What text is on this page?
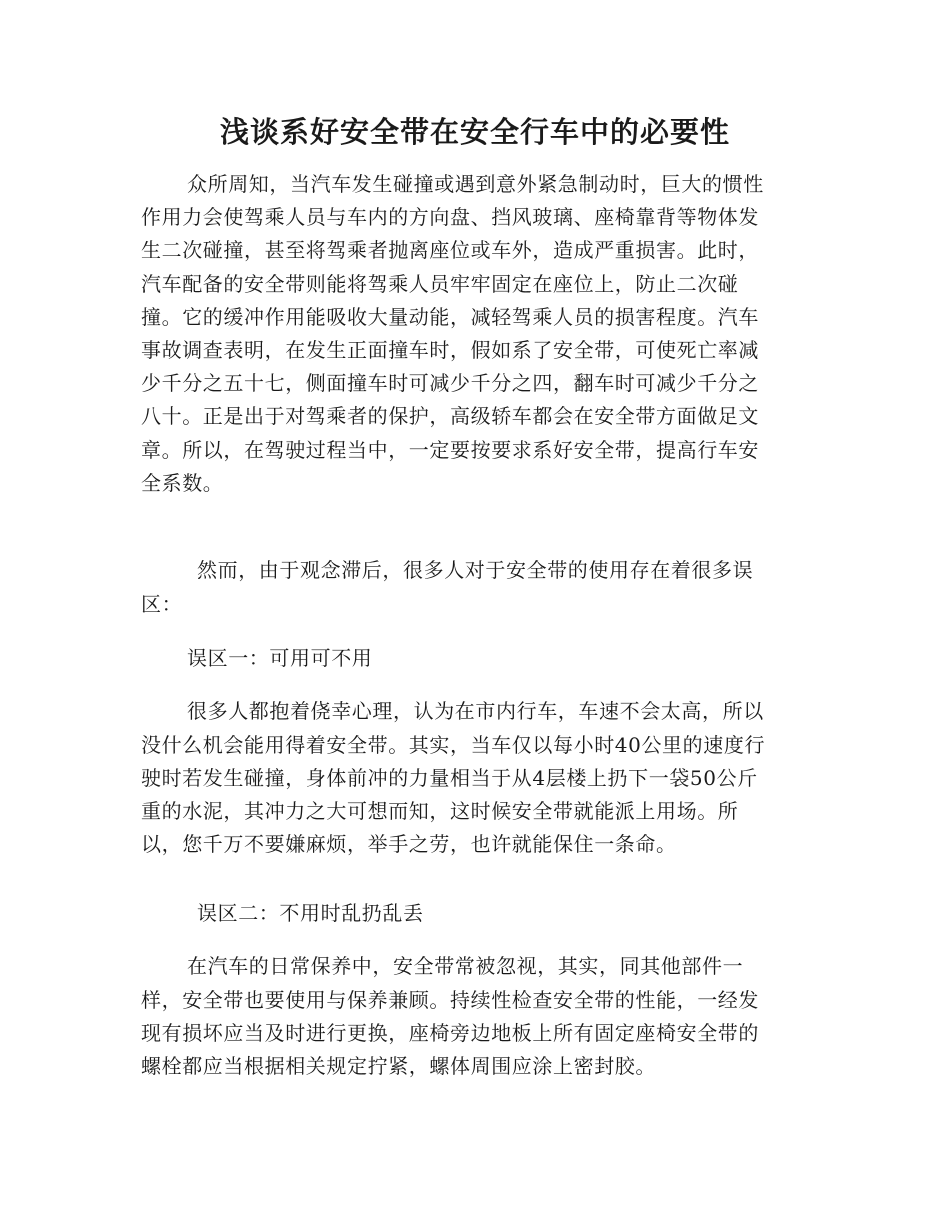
浅谈系好安全带在安全行车中的必要性
众所周知，当汽车发生碰撞或遇到意外紧急制动时，巨大的惯性
作用力会使驾乘人员与车内的方向盘、挡风玻璃、座椅靠背等物体发
生二次碰撞，甚至将驾乘者抛离座位或车外，造成严重损害。此时，
汽车配备的安全带则能将驾乘人员牢牢固定在座位上，防止二次碰
撞。它的缓冲作用能吸收大量动能，减轻驾乘人员的损害程度。汽车
事故调查表明，在发生正面撞车时，假如系了安全带，可使死亡率减
少千分之五十七，侧面撞车时可减少千分之四，翻车时可减少千分之
八十。正是出于对驾乘者的保护，高级轿车都会在安全带方面做足文
章。所以，在驾驶过程当中，一定要按要求系好安全带，提高行车安
全系数。
然而，由于观念滞后，很多人对于安全带的使用存在着很多误
区：
误区一：可用可不用
很多人都抱着侥幸心理，认为在市内行车，车速不会太高，所以
没什么机会能用得着安全带。其实，当车仅以每小时40公里的速度行
驶时若发生碰撞，身体前冲的力量相当于从4层楼上扔下一袋50公斤
重的水泥，其冲力之大可想而知，这时候安全带就能派上用场。所
以，您千万不要嫌麻烦，举手之劳，也许就能保住一条命。
误区二：不用时乱扔乱丢
在汽车的日常保养中，安全带常被忽视，其实，同其他部件一
样，安全带也要使用与保养兼顾。持续性检查安全带的性能，一经发
现有损坏应当及时进行更换，座椅旁边地板上所有固定座椅安全带的
螺栓都应当根据相关规定拧紧，螺体周围应涂上密封胶。
